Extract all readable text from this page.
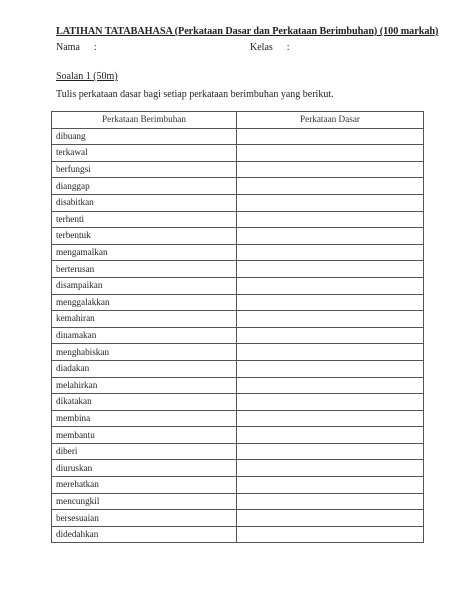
LATIHAN TATABAHASA (Perkataan Dasar dan Perkataan Berimbuhan) (100 markah)
Nama :	Kelas :
Soalan 1 (50m)
Tulis perkataan dasar bagi setiap perkataan berimbuhan yang berikut.
Perkataan Berimbuhan	Perkataan Dasar
dibuang	
terkawal	
berfungsi	
dianggap	
disabitkan	
terhenti	
terbentuk	
mengamalkan	
berterusan	
disampaikan	
menggalakkan	
kemahiran	
dinamakan	
menghabiskan	
diadakan	
melahirkan	
dikatakan	
membina	
membantu	
diberi	
diuruskan	
merehatkan	
mencungkil	
bersesuaian	
didedahkan	
